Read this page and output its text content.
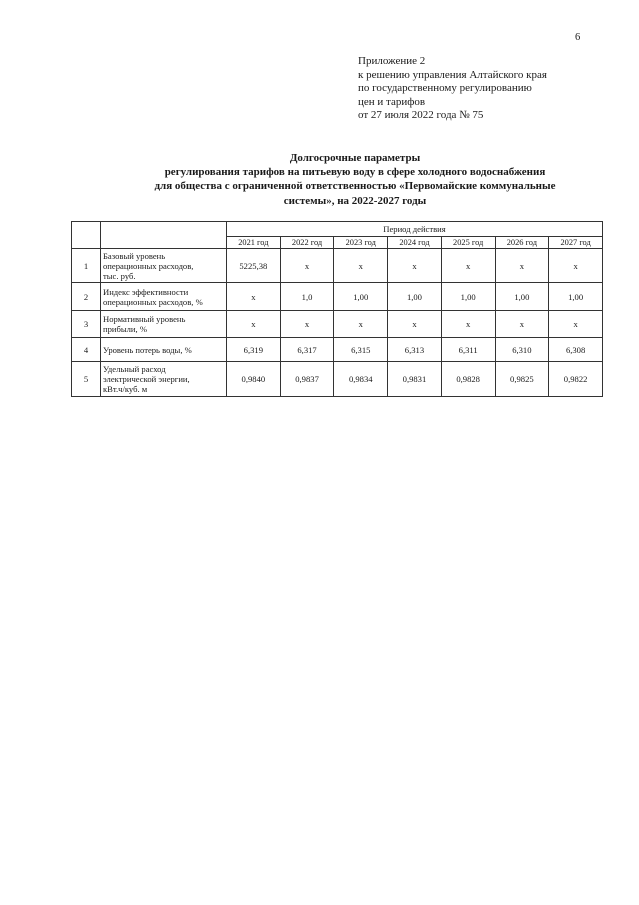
6
Приложение 2
к решению управления Алтайского края
по государственному регулированию
цен и тарифов
от 27 июля 2022 года № 75
Долгосрочные параметры
регулирования тарифов на питьевую воду в сфере холодного водоснабжения
для общества с ограниченной ответственностью «Первомайские коммунальные
системы», на 2022-2027 годы
		Период действия						
		2021 год	2022 год	2023 год	2024 год	2025 год	2026 год	2027 год
1	Базовый уровень
операционных расходов,
тыс. руб.	5225,38	x	x	x	x	x	x
2	Индекс эффективности
операционных расходов, %	x	1,0	1,00	1,00	1,00	1,00	1,00
3	Нормативный уровень
прибыли, %	x	x	x	x	x	x	x
4	Уровень потерь воды, %	6,319	6,317	6,315	6,313	6,311	6,310	6,308
5	Удельный расход
электрической энергии,
кВт.ч/куб. м	0,9840	0,9837	0,9834	0,9831	0,9828	0,9825	0,9822
